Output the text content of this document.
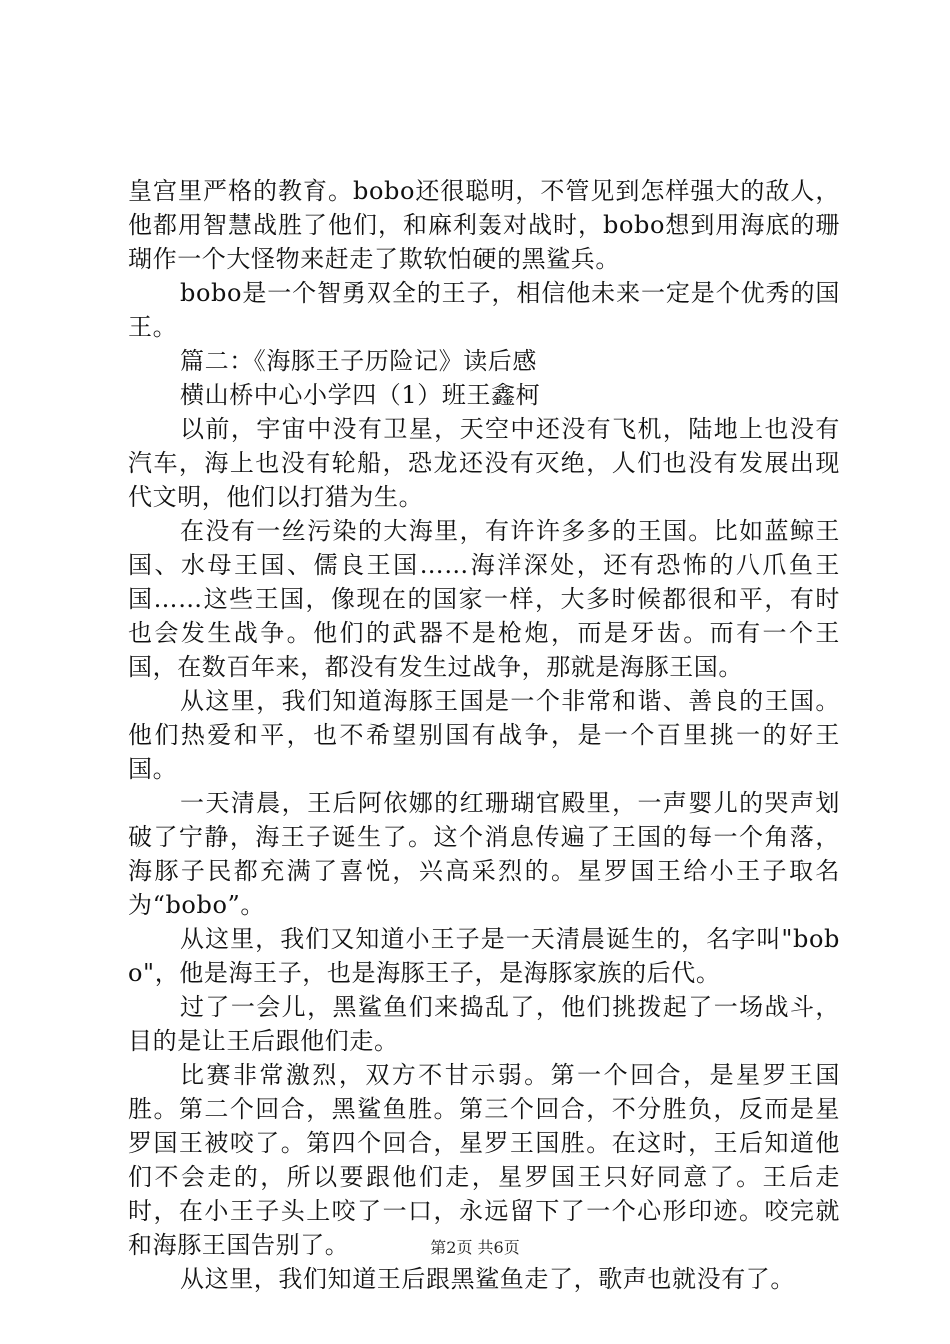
皇宫里严格的教育。bobo还很聪明，不管见到怎样强大的敌人，他都用智慧战胜了他们，和麻利轰对战时，bobo想到用海底的珊瑚作一个大怪物来赶走了欺软怕硬的黑鲨兵。

bobo是一个智勇双全的王子，相信他未来一定是个优秀的国王。

篇二：《海豚王子历险记》读后感

横山桥中心小学四（1）班王鑫柯

以前，宇宙中没有卫星，天空中还没有飞机，陆地上也没有汽车，海上也没有轮船，恐龙还没有灭绝，人们也没有发展出现代文明，他们以打猎为生。

在没有一丝污染的大海里，有许许多多的王国。比如蓝鲸王国、水母王国、儒良王国……海洋深处，还有恐怖的八爪鱼王国……这些王国，像现在的国家一样，大多时候都很和平，有时也会发生战争。他们的武器不是枪炮，而是牙齿。而有一个王国，在数百年来，都没有发生过战争，那就是海豚王国。

从这里，我们知道海豚王国是一个非常和谐、善良的王国。他们热爱和平，也不希望别国有战争，是一个百里挑一的好王国。

一天清晨，王后阿依娜的红珊瑚官殿里，一声婴儿的哭声划破了宁静，海王子诞生了。这个消息传遍了王国的每一个角落，海豚子民都充满了喜悦，兴高采烈的。星罗国王给小王子取名为“bobo”。

从这里，我们又知道小王子是一天清晨诞生的，名字叫"bobo"，他是海王子，也是海豚王子，是海豚家族的后代。

过了一会儿，黑鲨鱼们来捣乱了，他们挑拨起了一场战斗，目的是让王后跟他们走。

比赛非常激烈，双方不甘示弱。第一个回合，是星罗王国胜。第二个回合，黑鲨鱼胜。第三个回合，不分胜负，反而是星罗国王被咬了。第四个回合，星罗王国胜。在这时，王后知道他们不会走的，所以要跟他们走，星罗国王只好同意了。王后走时，在小王子头上咬了一口，永远留下了一个心形印迹。咬完就和海豚王国告别了。

从这里，我们知道王后跟黑鲨鱼走了，歌声也就没有了。

第2页 共6页
